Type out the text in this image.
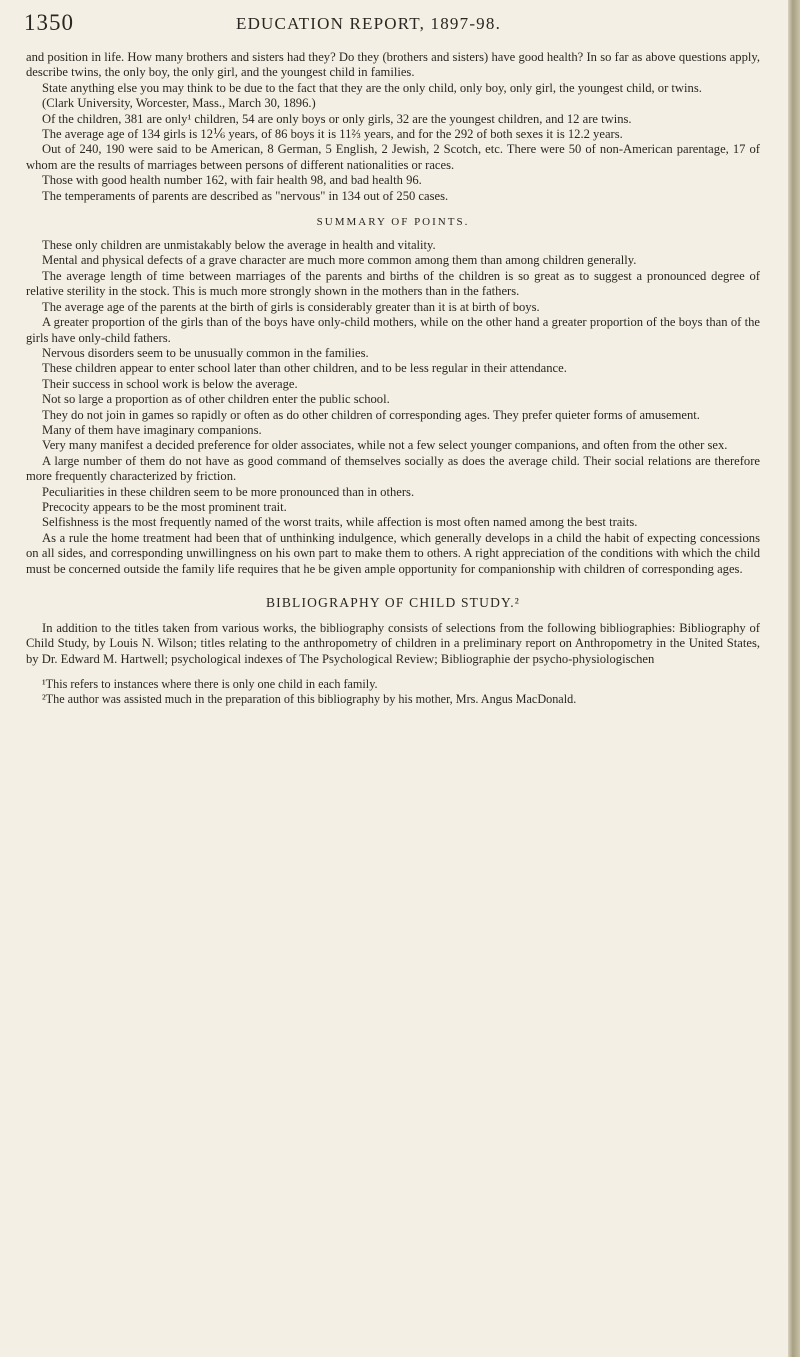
1350	EDUCATION REPORT, 1897-98.

and position in life. How many brothers and sisters had they? Do they (brothers and sisters) have good health? In so far as above questions apply, describe twins, the only boy, the only girl, and the youngest child in families.

State anything else you may think to be due to the fact that they are the only child, only boy, only girl, the youngest child, or twins.

(Clark University, Worcester, Mass., March 30, 1896.)

Of the children, 381 are only¹ children, 54 are only boys or only girls, 32 are the youngest children, and 12 are twins.

The average age of 134 girls is 12⅙ years, of 86 boys it is 11⅔ years, and for the 292 of both sexes it is 12.2 years.

Out of 240, 190 were said to be American, 8 German, 5 English, 2 Jewish, 2 Scotch, etc. There were 50 of non-American parentage, 17 of whom are the results of marriages between persons of different nationalities or races.

Those with good health number 162, with fair health 98, and bad health 96.

The temperaments of parents are described as "nervous" in 134 out of 250 cases.

SUMMARY OF POINTS.

These only children are unmistakably below the average in health and vitality.

Mental and physical defects of a grave character are much more common among them than among children generally.

The average length of time between marriages of the parents and births of the children is so great as to suggest a pronounced degree of relative sterility in the stock. This is much more strongly shown in the mothers than in the fathers.

The average age of the parents at the birth of girls is considerably greater than it is at birth of boys.

A greater proportion of the girls than of the boys have only-child mothers, while on the other hand a greater proportion of the boys than of the girls have only-child fathers.

Nervous disorders seem to be unusually common in the families.

These children appear to enter school later than other children, and to be less regular in their attendance.

Their success in school work is below the average.

Not so large a proportion as of other children enter the public school.

They do not join in games so rapidly or often as do other children of corresponding ages. They prefer quieter forms of amusement.

Many of them have imaginary companions.

Very many manifest a decided preference for older associates, while not a few select younger companions, and often from the other sex.

A large number of them do not have as good command of themselves socially as does the average child. Their social relations are therefore more frequently characterized by friction.

Peculiarities in these children seem to be more pronounced than in others.

Precocity appears to be the most prominent trait.

Selfishness is the most frequently named of the worst traits, while affection is most often named among the best traits.

As a rule the home treatment had been that of unthinking indulgence, which generally develops in a child the habit of expecting concessions on all sides, and corresponding unwillingness on his own part to make them to others. A right appreciation of the conditions with which the child must be concerned outside the family life requires that he be given ample opportunity for companionship with children of corresponding ages.

BIBLIOGRAPHY OF CHILD STUDY.²

In addition to the titles taken from various works, the bibliography consists of selections from the following bibliographies: Bibliography of Child Study, by Louis N. Wilson; titles relating to the anthropometry of children in a preliminary report on Anthropometry in the United States, by Dr. Edward M. Hartwell; psychological indexes of The Psychological Review; Bibliographie der psycho-physiologischen

¹This refers to instances where there is only one child in each family.

²The author was assisted much in the preparation of this bibliography by his mother, Mrs. Angus MacDonald.
